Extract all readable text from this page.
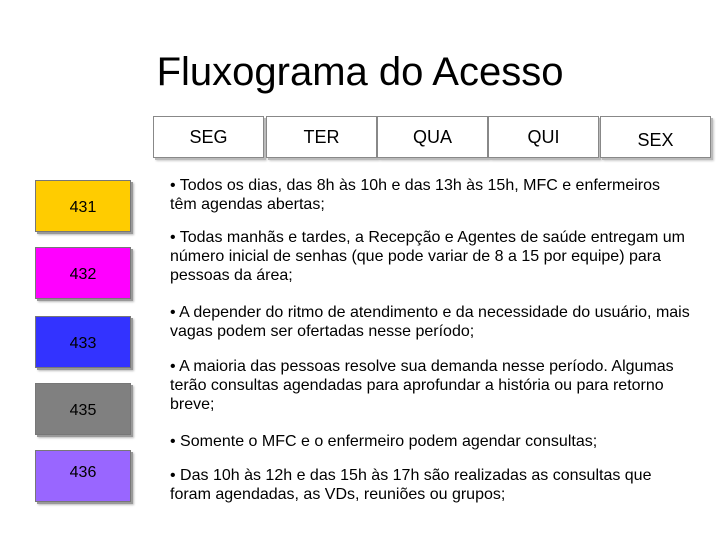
Fluxograma do Acesso
SEG	TER	QUA	QUI	SEX
431
432
433
435
436
• Todos os dias, das 8h às 10h e das 13h às 15h, MFC e enfermeiros têm agendas abertas;
• Todas manhãs e tardes, a Recepção e Agentes de saúde entregam um número inicial de senhas (que pode variar de 8 a 15 por equipe) para pessoas da área;
• A depender do ritmo de atendimento e da necessidade do usuário, mais vagas podem ser ofertadas nesse período;
• A maioria das pessoas resolve sua demanda nesse período. Algumas terão consultas agendadas para aprofundar a história ou para retorno breve;
• Somente o MFC e o enfermeiro podem agendar consultas;
• Das 10h às 12h e das 15h às 17h são realizadas as consultas que foram agendadas, as VDs, reuniões ou grupos;
